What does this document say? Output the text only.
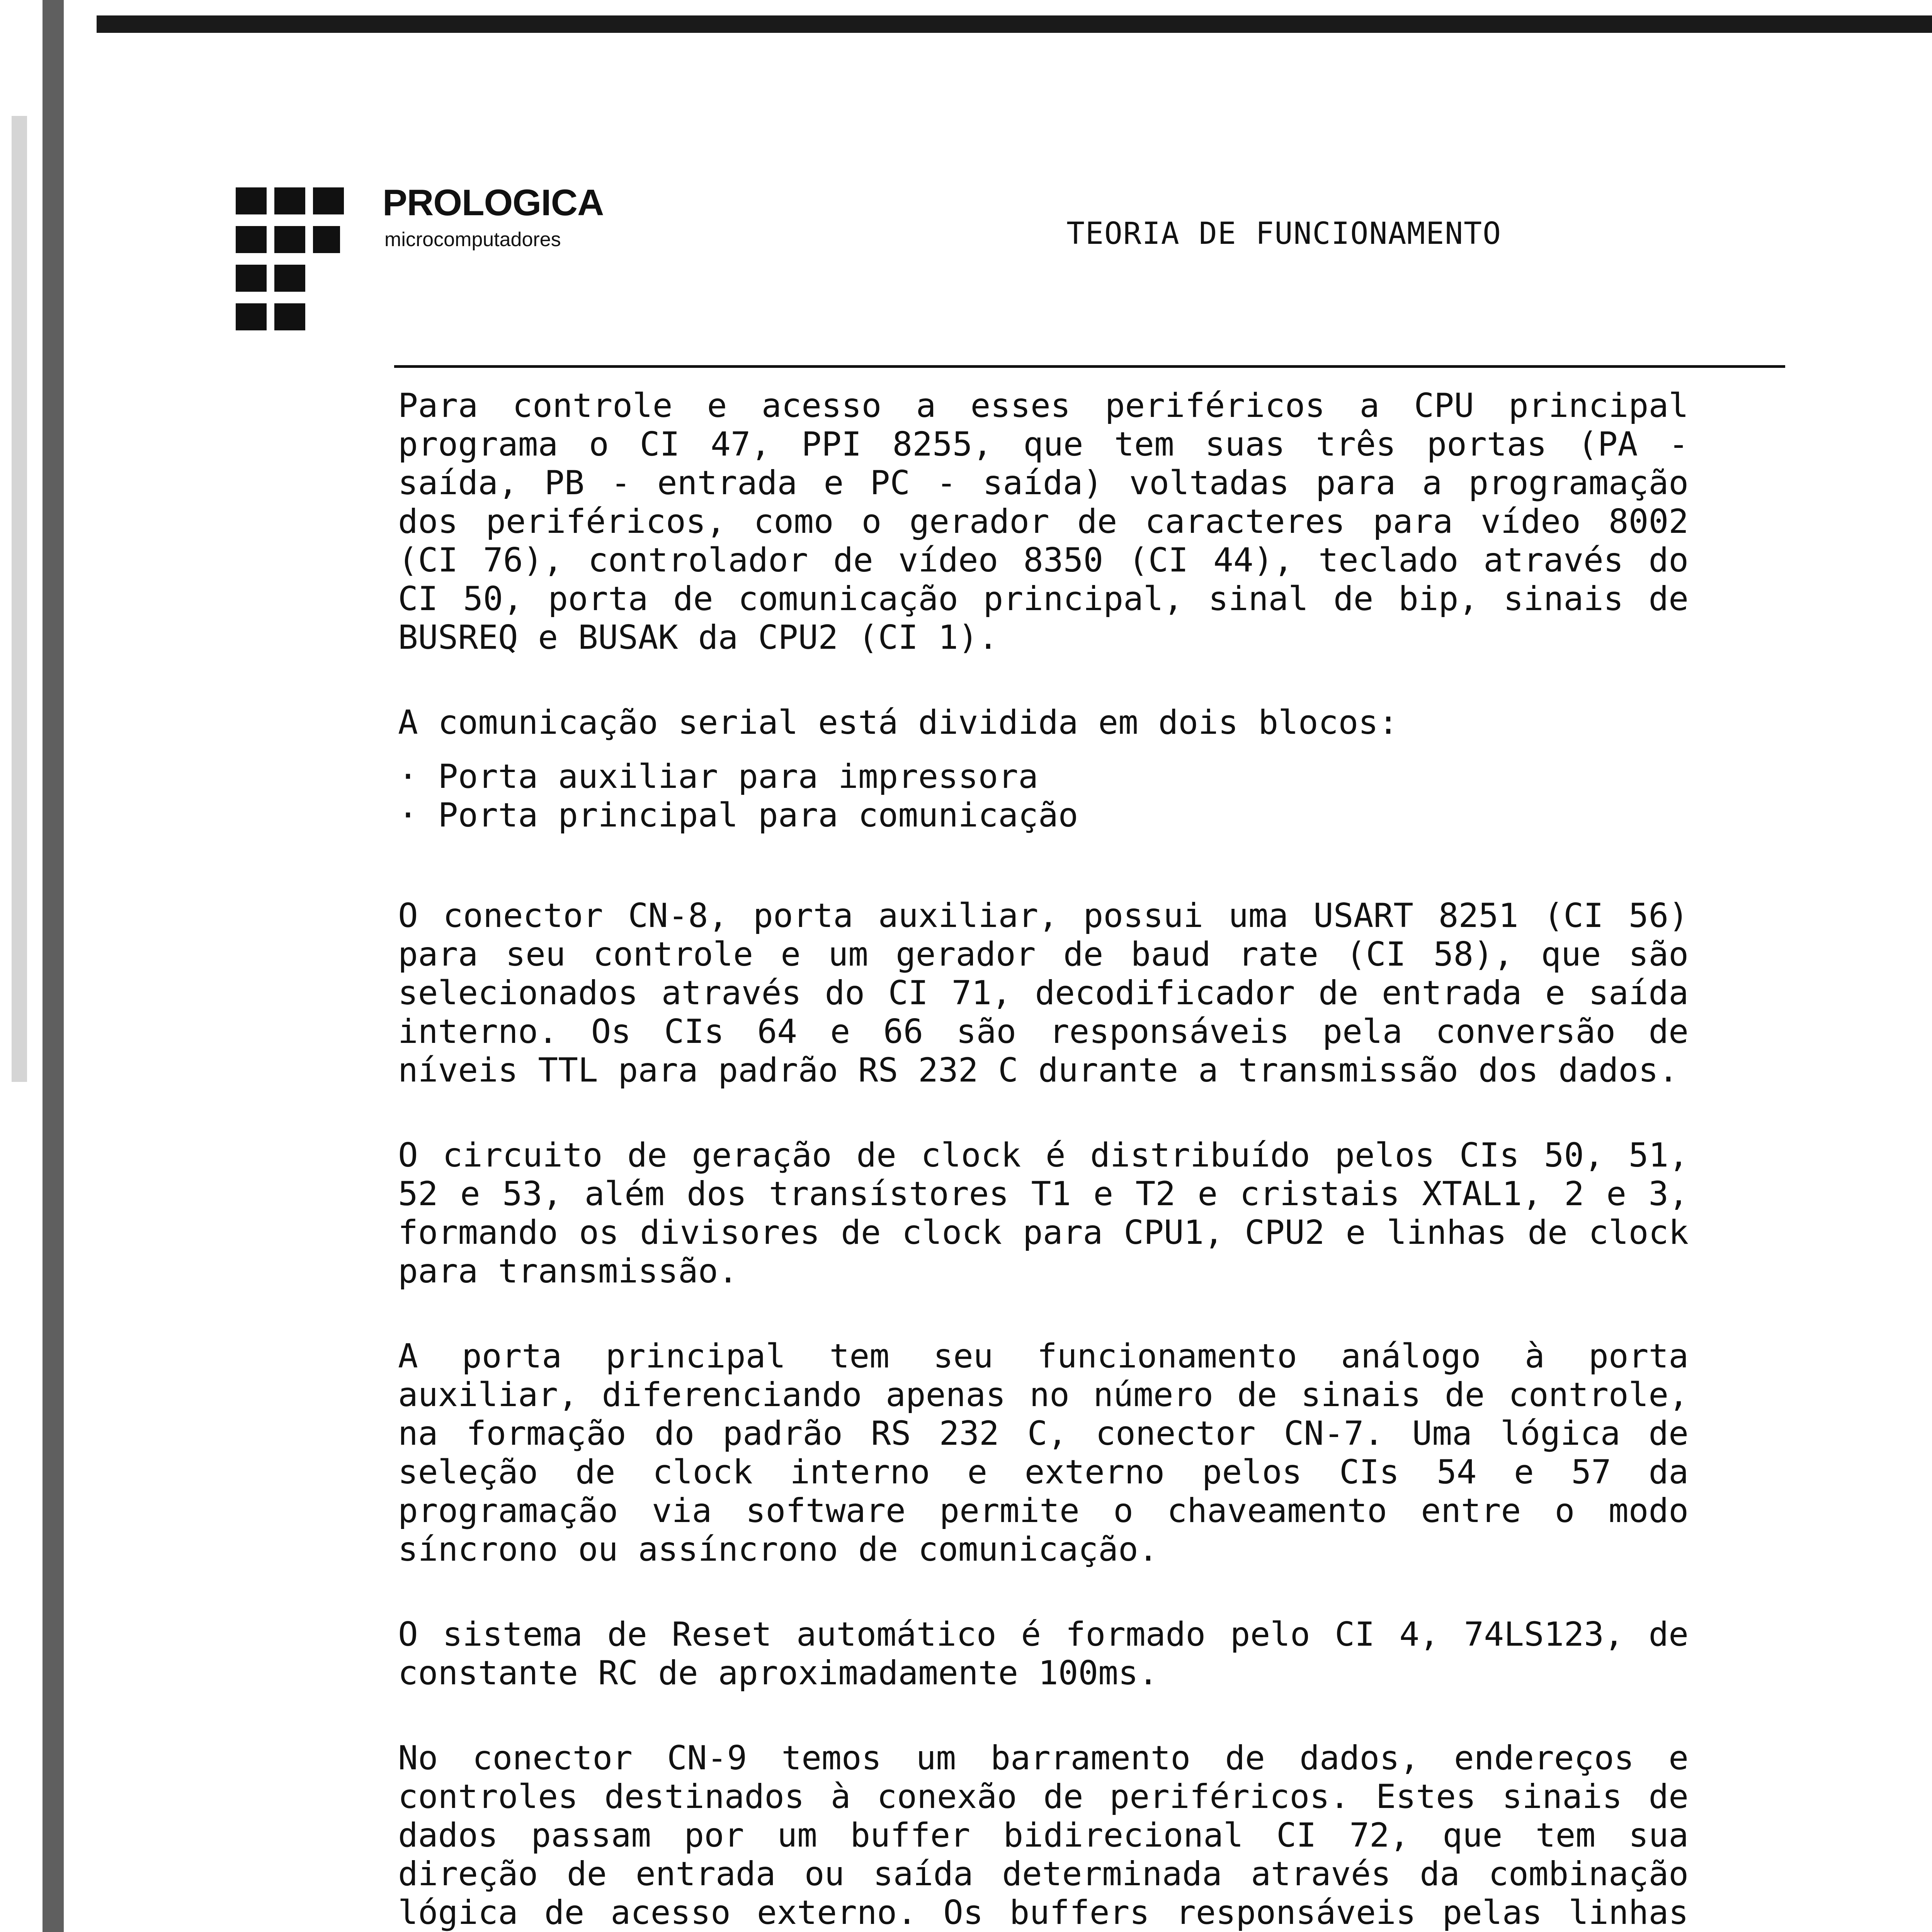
PROLOGICA
microcomputadores	TEORIA DE FUNCIONAMENTO

Para controle e acesso a esses periféricos a CPU principal programa o CI 47, PPI 8255, que tem suas três portas (PA - saída, PB - entrada e PC - saída) voltadas para a programação dos periféricos, como o gerador de caracteres para vídeo 8002 (CI 76), controlador de vídeo 8350 (CI 44), teclado através do CI 50, porta de comunicação principal, sinal de bip, sinais de BUSREQ e BUSAK da CPU2 (CI 1).

A comunicação serial está dividida em dois blocos:

· Porta auxiliar para impressora
· Porta principal para comunicação

O conector CN-8, porta auxiliar, possui uma USART 8251 (CI 56) para seu controle e um gerador de baud rate (CI 58), que são selecionados através do CI 71, decodificador de entrada e saída interno. Os CIs 64 e 66 são responsáveis pela conversão de níveis TTL para padrão RS 232 C durante a transmissão dos dados.

O circuito de geração de clock é distribuído pelos CIs 50, 51, 52 e 53, além dos transístores T1 e T2 e cristais XTAL1, 2 e 3, formando os divisores de clock para CPU1, CPU2 e linhas de clock para transmissão.

A porta principal tem seu funcionamento análogo à porta auxiliar, diferenciando apenas no número de sinais de controle, na formação do padrão RS 232 C, conector CN-7. Uma lógica de seleção de clock interno e externo pelos CIs 54 e 57 da programação via software permite o chaveamento entre o modo síncrono ou assíncrono de comunicação.

O sistema de Reset automático é formado pelo CI 4, 74LS123, de constante RC de aproximadamente 100ms.

No conector CN-9 temos um barramento de dados, endereços e controles destinados à conexão de periféricos. Estes sinais de dados passam por um buffer bidirecional CI 72, que tem sua direção de entrada ou saída determinada através da combinação lógica de acesso externo. Os buffers responsáveis pelas linhas
